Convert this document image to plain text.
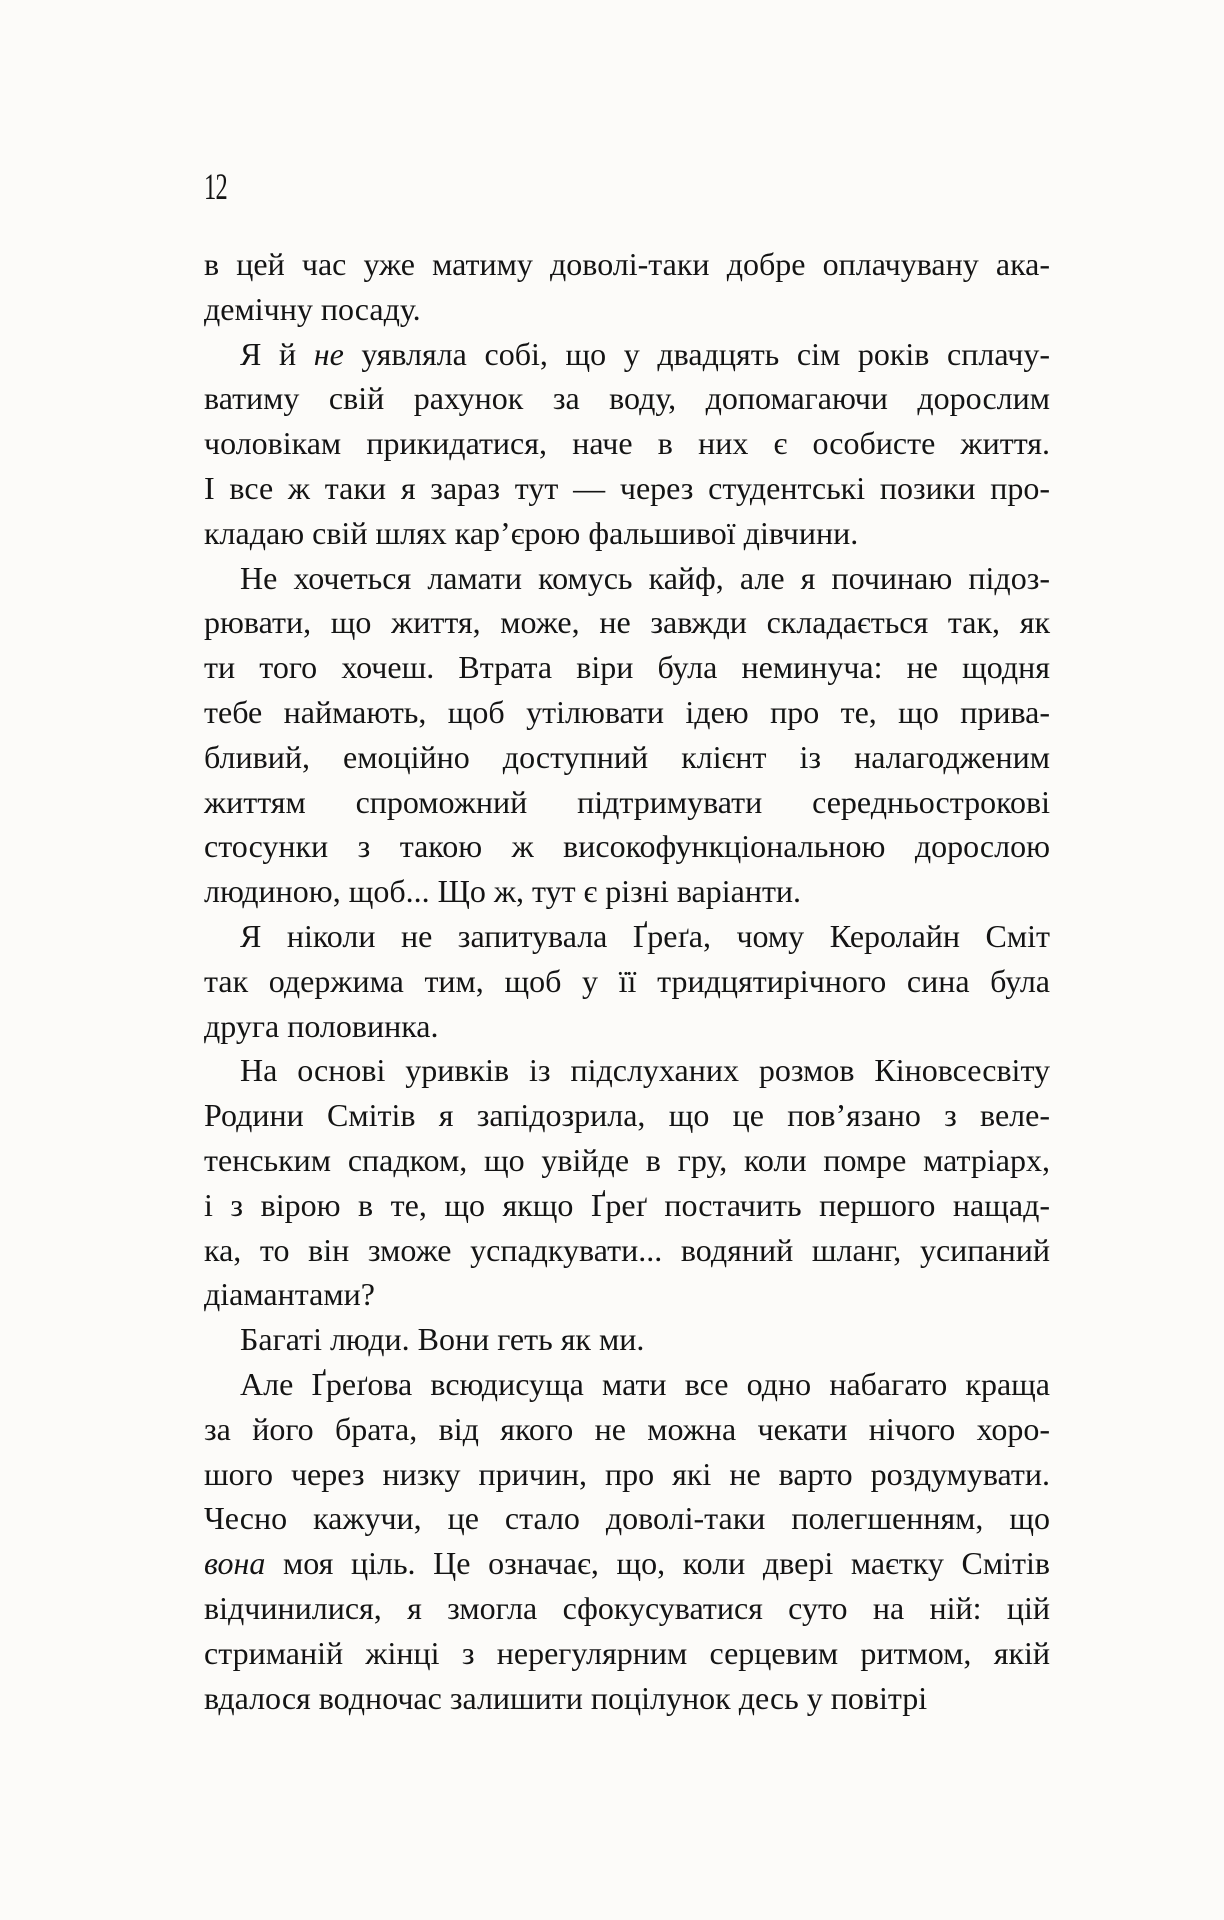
12

в цей час уже матиму доволі-таки добре оплачувану ака-
демічну посаду.

Я й не уявляла собі, що у двадцять сім років сплачу-
ватиму свій рахунок за воду, допомагаючи дорослим
чоловікам прикидатися, наче в них є особисте життя.
І все ж таки я зараз тут — через студентські позики про-
кладаю свій шлях кар’єрою фальшивої дівчини.

Не хочеться ламати комусь кайф, але я починаю підоз-
рювати, що життя, може, не завжди складається так, як
ти того хочеш. Втрата віри була неминуча: не щодня
тебе наймають, щоб утілювати ідею про те, що прива-
бливий, емоційно доступний клієнт із налагодженим
життям спроможний підтримувати середньострокові
стосунки з такою ж високофункціональною дорослою
людиною, щоб... Що ж, тут є різні варіанти.

Я ніколи не запитувала Ґреґа, чому Керолайн Сміт
так одержима тим, щоб у її тридцятирічного сина була
друга половинка.

На основі уривків із підслуханих розмов Кіновсесвіту
Родини Смітів я запідозрила, що це пов’язано з веле-
тенським спадком, що увійде в гру, коли помре матріарх,
і з вірою в те, що якщо Ґреґ постачить першого нащад-
ка, то він зможе успадкувати... водяний шланг, усипаний
діамантами?

Багаті люди. Вони геть як ми.

Але Ґреґова всюдисуща мати все одно набагато краща
за його брата, від якого не можна чекати нічого хоро-
шого через низку причин, про які не варто роздумувати.
Чесно кажучи, це стало доволі-таки полегшенням, що
вона моя ціль. Це означає, що, коли двері маєтку Смітів
відчинилися, я змогла сфокусуватися суто на ній: цій
стриманій жінці з нерегулярним серцевим ритмом, якій
вдалося водночас залишити поцілунок десь у повітрі
